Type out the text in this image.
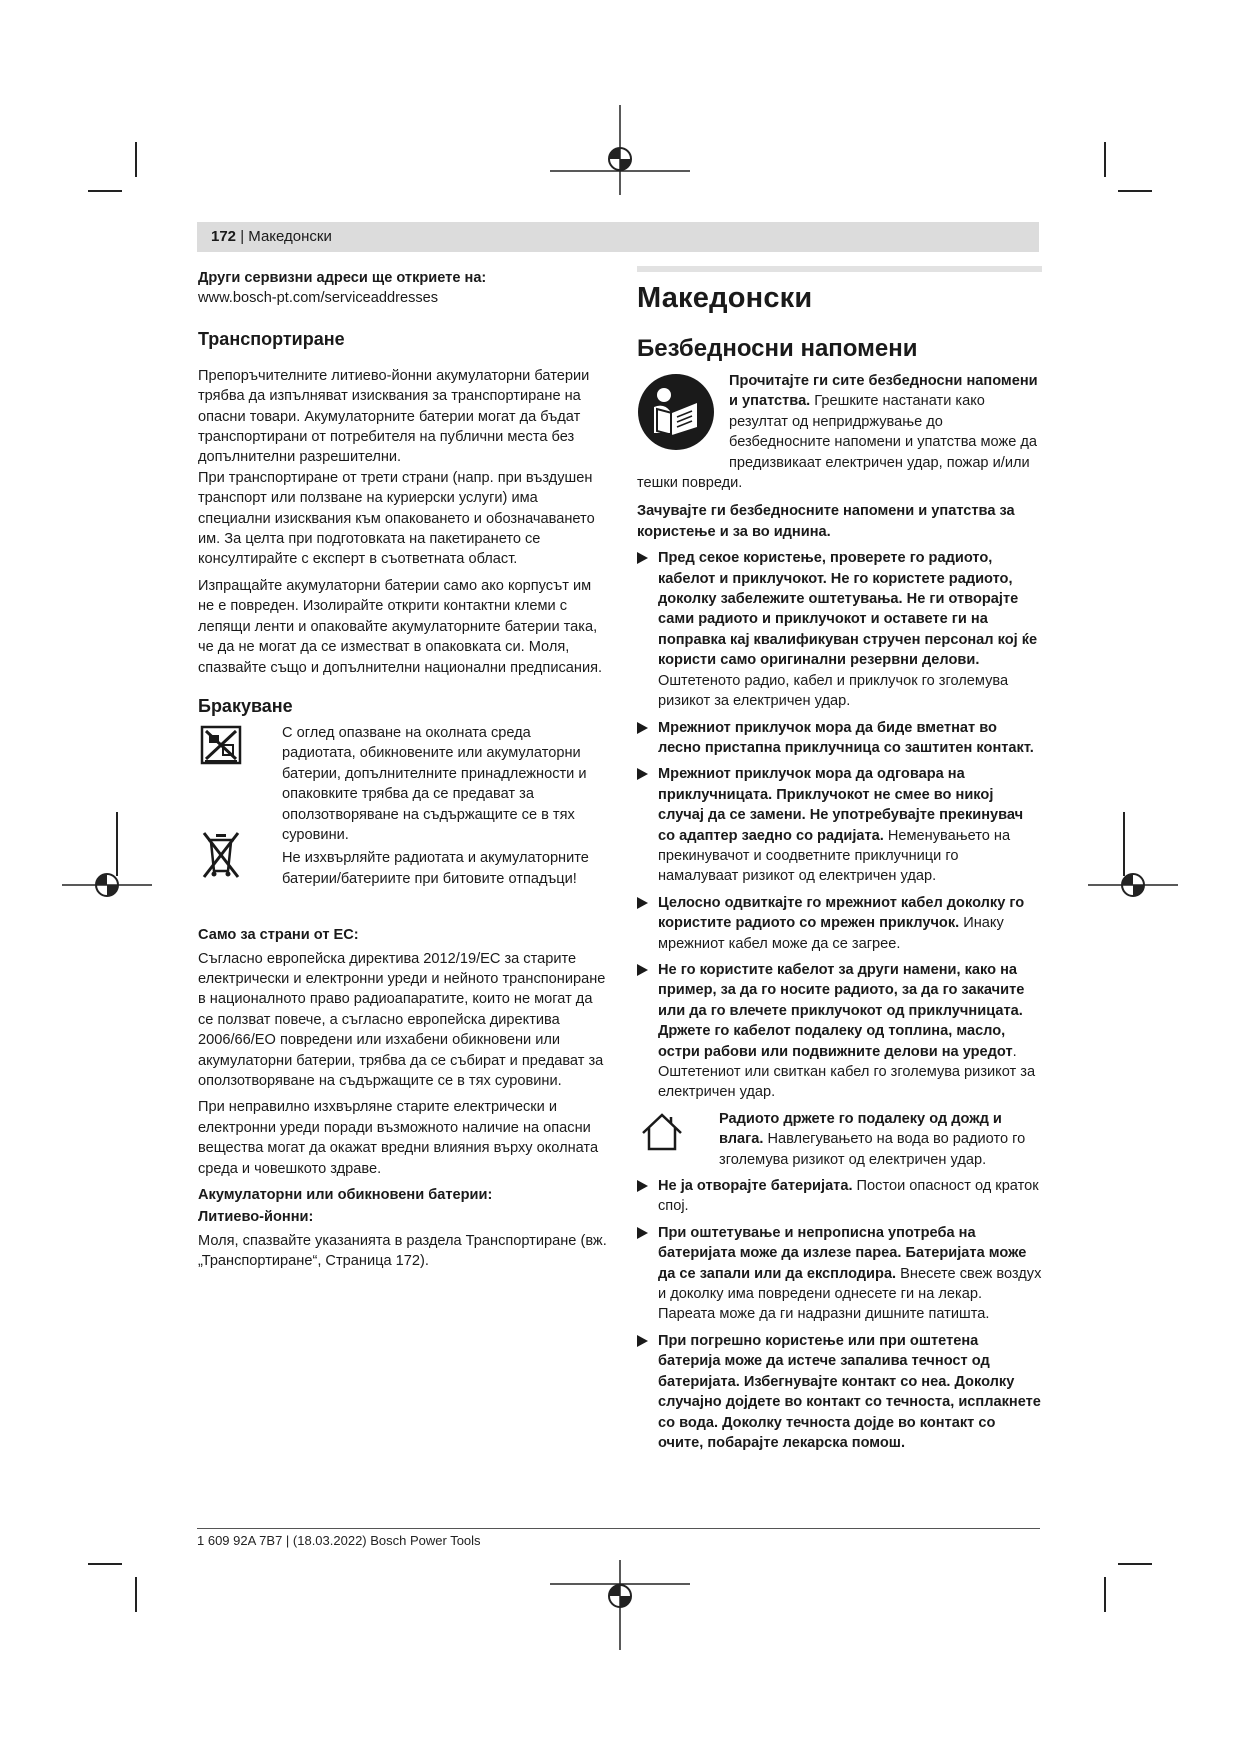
172 | Македонски

Други сервизни адреси ще откриете на:

www.bosch-pt.com/serviceaddresses

Транспортиране

Препоръчителните литиево-йонни акумулаторни батерии трябва да изпълняват изисквания за транспортиране на опасни товари. Акумулаторните батерии могат да бъдат транспортирани от потребителя на публични места без допълнителни разрешителни.

При транспортиране от трети страни (напр. при въздушен транспорт или ползване на куриерски услуги) има специални изисквания към опаковането и обозначаването им. За целта при подготовката на пакетирането се консултирайте с експерт в съответната област.

Изпращайте акумулаторни батерии само ако корпусът им не е повреден. Изолирайте открити контактни клеми с лепящи ленти и опаковайте акумулаторните батерии така, че да не могат да се изместват в опаковката си. Моля, спазвайте също и допълнителни национални предписания.

Бракуване

С оглед опазване на околната среда радиотата, обикновените или акумулаторни батерии, допълнителните принадлежности и опаковките трябва да се предават за оползотворяване на съдържащите се в тях суровини.

Не изхвърляйте радиотата и акумулаторните батерии/батериите при битовите отпадъци!

Само за страни от ЕС:

Съгласно европейска директива 2012/19/ЕС за старите електрически и електронни уреди и нейното транспониране в националното право радиоапаратите, които не могат да се ползват повече, а съгласно европейска директива 2006/66/ЕО повредени или изхабени обикновени или акумулаторни батерии, трябва да се събират и предават за оползотворяване на съдържащите се в тях суровини.

При неправилно изхвърляне старите електрически и електронни уреди поради възможното наличие на опасни вещества могат да окажат вредни влияния върху околната среда и човешкото здраве.

Акумулаторни или обикновени батерии:

Литиево-йонни:

Моля, спазвайте указанията в раздела Транспортиране (вж. „Транспортиране“, Страница 172).

Македонски
Безбедносни напомени

Прочитајте ги сите безбедносни напомени и упатства. Грешките настанати како резултат од непридржување до безбедносните напомени и упатства може да предизвикаат електричен удар, пожар и/или тешки повреди.

Зачувајте ги безбедносните напомени и упатства за користење и за во иднина.

Пред секое користење, проверете го радиото, кабелот и приклучокот. Не го користете радиото, доколку забележите оштетувања. Не ги отворајте сами радиото и приклучокот и оставете ги на поправка кај квалификуван стручен персонал кој ќе користи само оригинални резервни делови. Оштетеното радио, кабел и приклучок го зголемува ризикот за електричен удар.
Мрежниот приклучок мора да биде вметнат во лесно пристапна приклучница со заштитен контакт.
Мрежниот приклучок мора да одговара на приклучницата. Приклучокот не смее во никој случај да се замени. Не употребувајте прекинувач со адаптер заедно со радијата. Неменувањето на прекинувачот и соодветните приклучници го намалуваат ризикот од електричен удар.
Целосно одвиткајте го мрежниот кабел доколку го користите радиото со мрежен приклучок. Инаку мрежниот кабел може да се загрее.
Не го користите кабелот за други намени, како на пример, за да го носите радиото, за да го закачите или да го влечете приклучокот од приклучницата. Држете го кабелот подалеку од топлина, масло, остри рабови или подвижните делови на уредот. Оштетениот или свиткан кабел го зголемува ризикот за електричен удар.

Радиото држете го подалеку од дожд и влага. Навлегувањето на вода во радиото го зголемува ризикот од електричен удар.

Не ја отворајте батеријата. Постои опасност од краток спој.
При оштетување и непрописна употреба на батеријата може да излезе пареа. Батеријата може да се запали или да експлодира. Внесете свеж воздух и доколку има повредени однесете ги на лекар. Пареата може да ги надразни дишните патишта.
При погрешно користење или при оштетена батерија може да истече запалива течност од батеријата. Избегнувајте контакт со неа. Доколку случајно дојдете во контакт со течноста, исплакнете со вода. Доколку течноста дојде во контакт со очите, побарајте лекарска помош.
1 609 92A 7B7 | (18.03.2022) Bosch Power Tools
